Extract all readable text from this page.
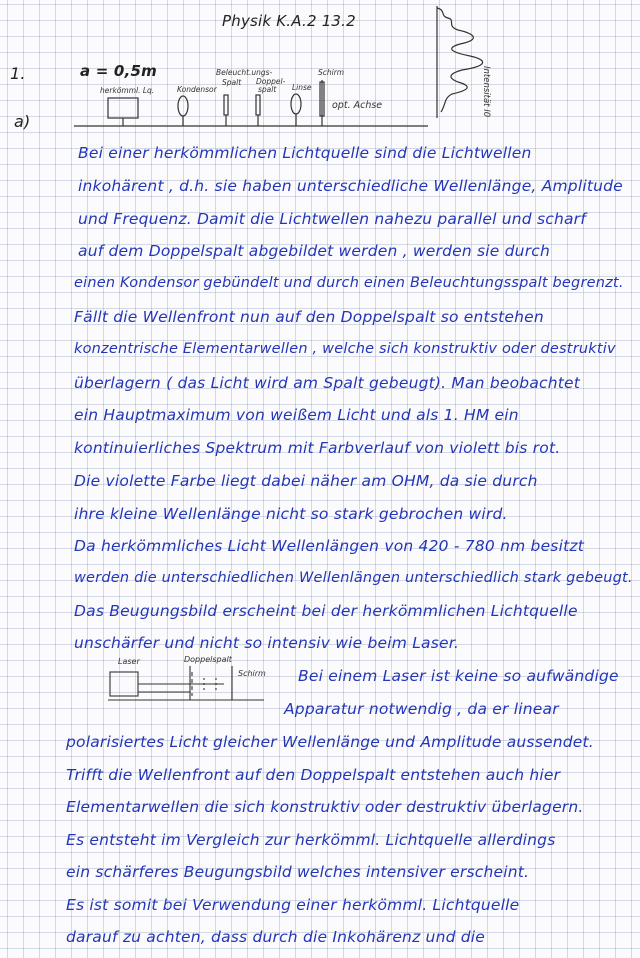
Physik K.A.2 13.2
1.
a)
a = 0,5m
herkömml. Lq.	Kondensor
Beleucht.ungs-
Spalt Doppel-
spalt Linse
Schirm
opt. Achse	Intensität I0
Laser	Doppelspalt
Schirm
Bei einer herkömmlichen Lichtquelle sind die Lichtwellen
inkohärent , d.h. sie haben unterschiedliche Wellenlänge, Amplitude
und Frequenz. Damit die Lichtwellen nahezu parallel und scharf
auf dem Doppelspalt abgebildet werden , werden sie durch
einen Kondensor gebündelt und durch einen Beleuchtungsspalt begrenzt.
Fällt die Wellenfront nun auf den Doppelspalt so entstehen
konzentrische Elementarwellen , welche sich konstruktiv oder destruktiv
überlagern ( das Licht wird am Spalt gebeugt). Man beobachtet
ein Hauptmaximum von weißem Licht und als 1. HM ein
kontinuierliches Spektrum mit Farbverlauf von violett bis rot.
Die violette Farbe liegt dabei näher am OHM, da sie durch
ihre kleine Wellenlänge nicht so stark gebrochen wird.
Da herkömmliches Licht Wellenlängen von 420 - 780 nm besitzt
werden die unterschiedlichen Wellenlängen unterschiedlich stark gebeugt.
Das Beugungsbild erscheint bei der herkömmlichen Lichtquelle
unschärfer und nicht so intensiv wie beim Laser.
Bei einem Laser ist keine so aufwändige
Apparatur notwendig , da er linear
polarisiertes Licht gleicher Wellenlänge und Amplitude aussendet.
Trifft die Wellenfront auf den Doppelspalt entstehen auch hier
Elementarwellen die sich konstruktiv oder destruktiv überlagern.
Es entsteht im Vergleich zur herkömml. Lichtquelle allerdings
ein schärferes Beugungsbild welches intensiver erscheint.
Es ist somit bei Verwendung einer herkömml. Lichtquelle
darauf zu achten, dass durch die Inkohärenz und die
